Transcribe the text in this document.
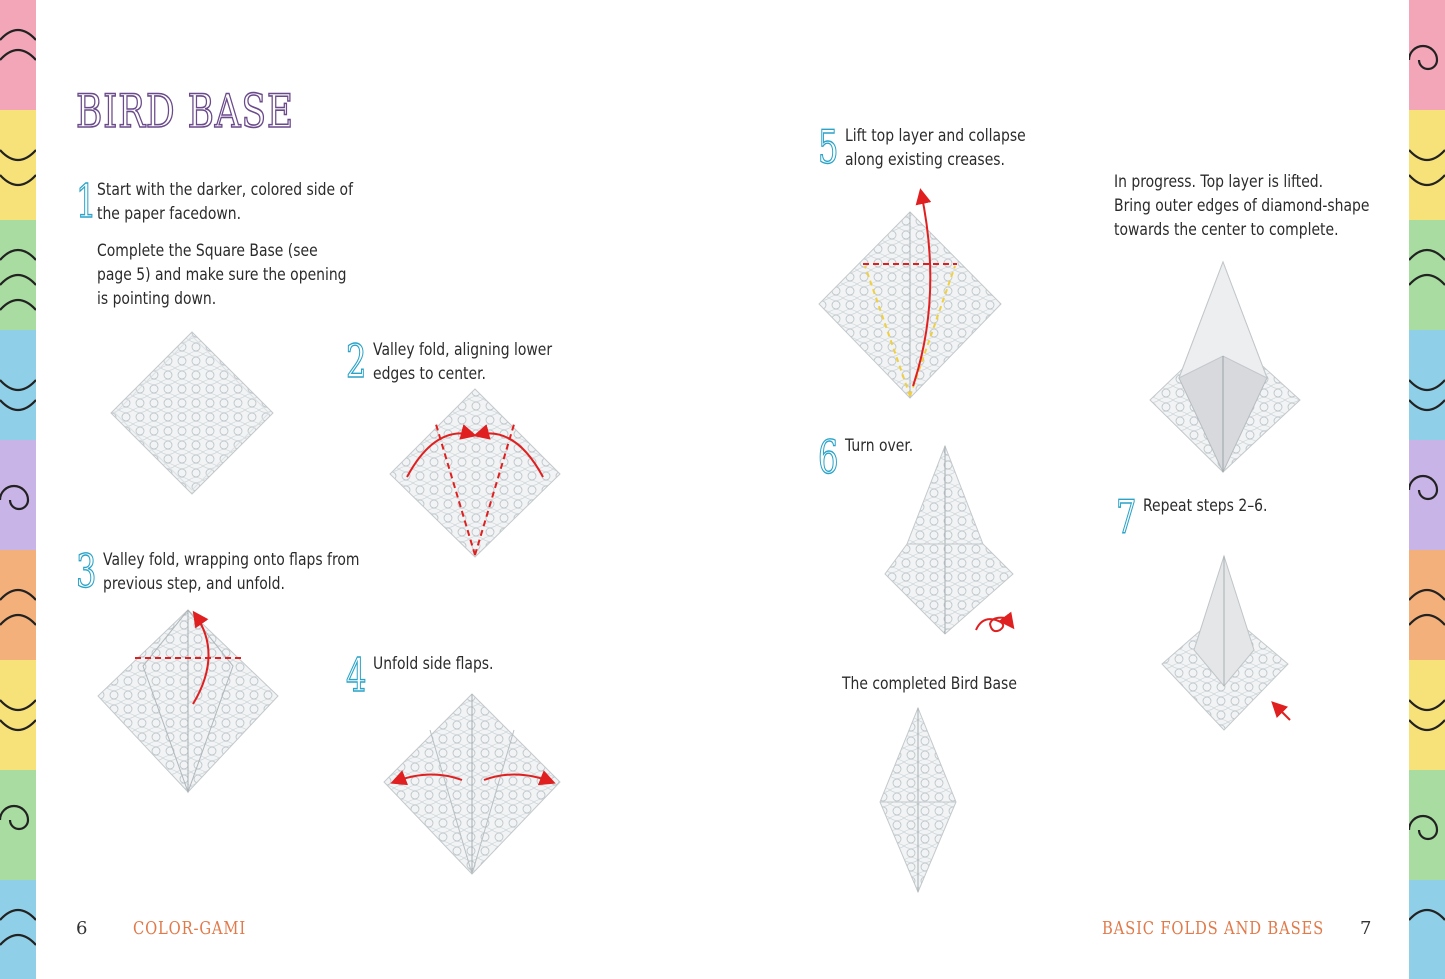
BIRD BASE
1 Start with the darker, colored side of

the paper facedown.

Complete the Square Base (see

page 5) and make sure the opening

is pointing down.

2 Valley fold, aligning lower

edges to center.

3 Valley fold, wrapping onto flaps from

previous step, and unfold.

4 Unfold side flaps.

6	COLOR-GAMI
5 Lift top layer and collapse

along existing creases.

In progress. Top layer is lifted.

Bring outer edges of diamond-shape

towards the center to complete.

6 Turn over.

7 Repeat steps 2–6.

The completed Bird Base
BASIC FOLDS AND BASES 7
